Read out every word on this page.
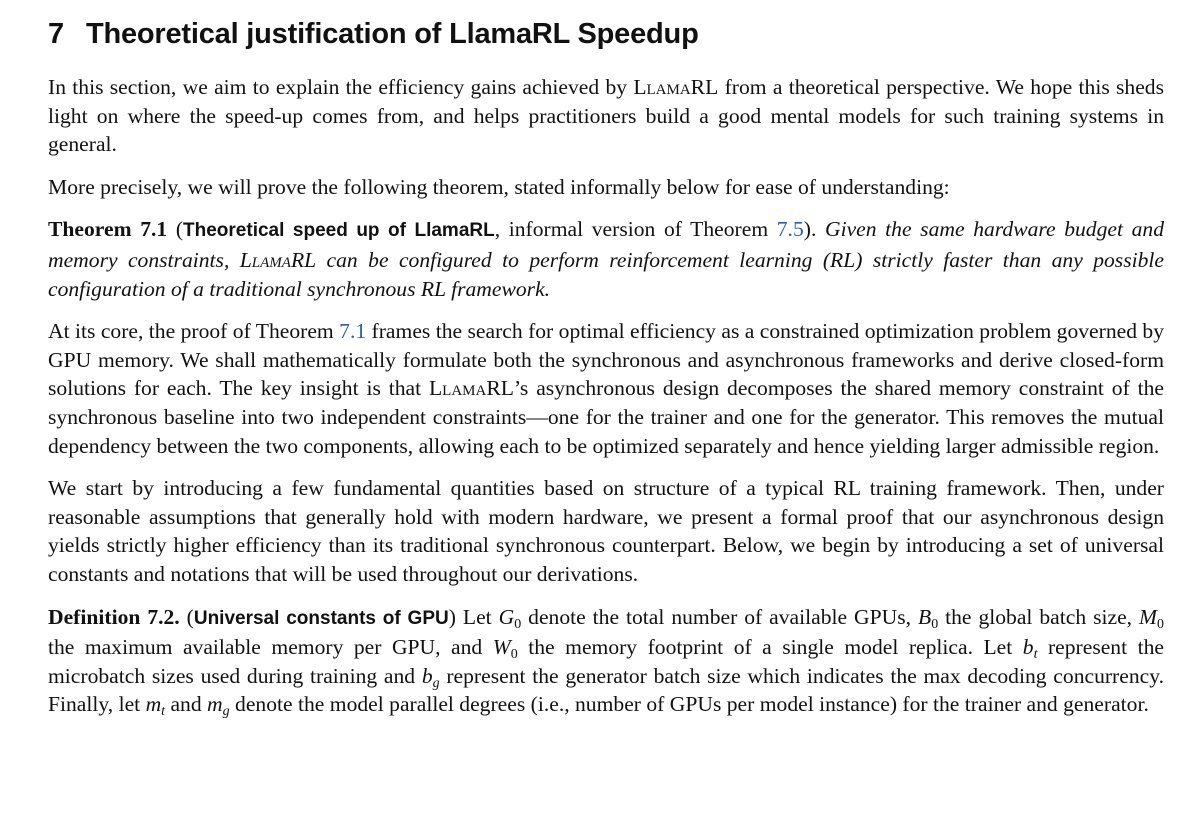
7 Theoretical justification of LlamaRL Speedup

In this section, we aim to explain the efficiency gains achieved by LlamaRL from a theoretical perspective. We hope this sheds light on where the speed-up comes from, and helps practitioners build a good mental models for such training systems in general.

More precisely, we will prove the following theorem, stated informally below for ease of understanding:

Theorem 7.1 (Theoretical speed up of LlamaRL, informal version of Theorem 7.5). Given the same hardware budget and memory constraints, LlamaRL can be configured to perform reinforcement learning (RL) strictly faster than any possible configuration of a traditional synchronous RL framework.

At its core, the proof of Theorem 7.1 frames the search for optimal efficiency as a constrained optimization problem governed by GPU memory. We shall mathematically formulate both the synchronous and asynchronous frameworks and derive closed-form solutions for each. The key insight is that LlamaRL’s asynchronous design decomposes the shared memory constraint of the synchronous baseline into two independent constraints—one for the trainer and one for the generator. This removes the mutual dependency between the two components, allowing each to be optimized separately and hence yielding larger admissible region.

We start by introducing a few fundamental quantities based on structure of a typical RL training framework. Then, under reasonable assumptions that generally hold with modern hardware, we present a formal proof that our asynchronous design yields strictly higher efficiency than its traditional synchronous counterpart. Below, we begin by introducing a set of universal constants and notations that will be used throughout our derivations.

Definition 7.2. (Universal constants of GPU) Let $G_0$ denote the total number of available GPUs, $B_0$ the global batch size, $M_0$ the maximum available memory per GPU, and $W_0$ the memory footprint of a single model replica. Let $b_t$ represent the microbatch sizes used during training and $b_g$ represent the generator batch size which indicates the max decoding concurrency. Finally, let $m_t$ and $m_g$ denote the model parallel degrees (i.e., number of GPUs per model instance) for the trainer and generator.
